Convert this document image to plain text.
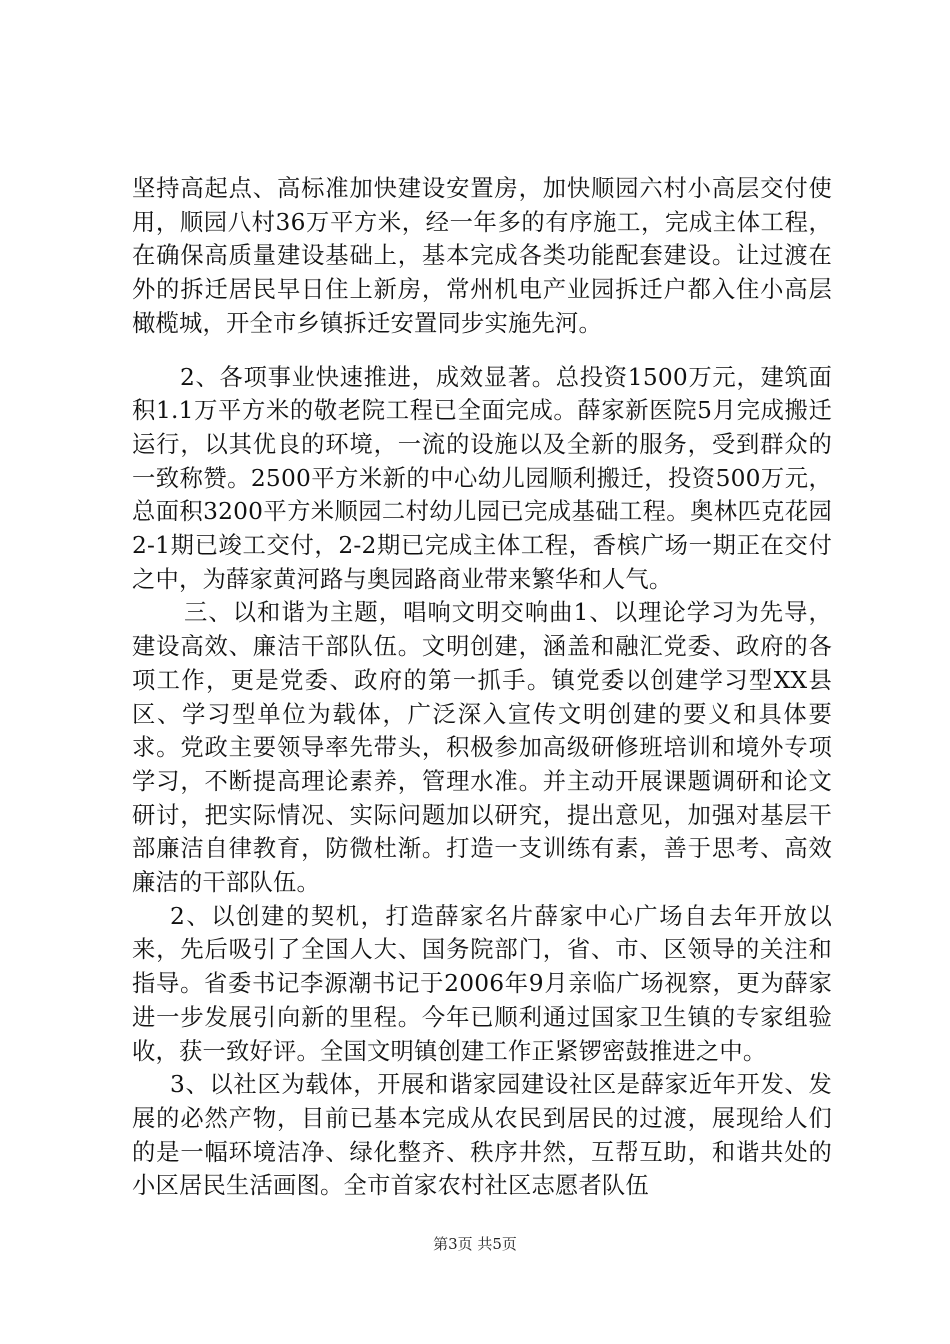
坚持高起点、高标准加快建设安置房，加快顺园六村小高层交付使用，顺园八村36万平方米，经一年多的有序施工，完成主体工程，在确保高质量建设基础上，基本完成各类功能配套建设。让过渡在外的拆迁居民早日住上新房，常州机电产业园拆迁户都入住小高层橄榄城，开全市乡镇拆迁安置同步实施先河。

2、各项事业快速推进，成效显著。总投资1500万元，建筑面积1.1万平方米的敬老院工程已全面完成。薛家新医院5月完成搬迁运行，以其优良的环境，一流的设施以及全新的服务，受到群众的一致称赞。2500平方米新的中心幼儿园顺利搬迁，投资500万元，总面积3200平方米顺园二村幼儿园已完成基础工程。奥林匹克花园2-1期已竣工交付，2-2期已完成主体工程，香槟广场一期正在交付之中，为薛家黄河路与奥园路商业带来繁华和人气。

三、以和谐为主题，唱响文明交响曲1、以理论学习为先导，建设高效、廉洁干部队伍。文明创建，涵盖和融汇党委、政府的各项工作，更是党委、政府的第一抓手。镇党委以创建学习型XX县区、学习型单位为载体，广泛深入宣传文明创建的要义和具体要求。党政主要领导率先带头，积极参加高级研修班培训和境外专项学习，不断提高理论素养，管理水准。并主动开展课题调研和论文研讨，把实际情况、实际问题加以研究，提出意见，加强对基层干部廉洁自律教育，防微杜渐。打造一支训练有素，善于思考、高效廉洁的干部队伍。

2、以创建的契机，打造薛家名片薛家中心广场自去年开放以来，先后吸引了全国人大、国务院部门，省、市、区领导的关注和指导。省委书记李源潮书记于2006年9月亲临广场视察，更为薛家进一步发展引向新的里程。今年已顺利通过国家卫生镇的专家组验收，获一致好评。全国文明镇创建工作正紧锣密鼓推进之中。

3、以社区为载体，开展和谐家园建设社区是薛家近年开发、发展的必然产物，目前已基本完成从农民到居民的过渡，展现给人们的是一幅环境洁净、绿化整齐、秩序井然，互帮互助，和谐共处的小区居民生活画图。全市首家农村社区志愿者队伍

第3页 共5页
